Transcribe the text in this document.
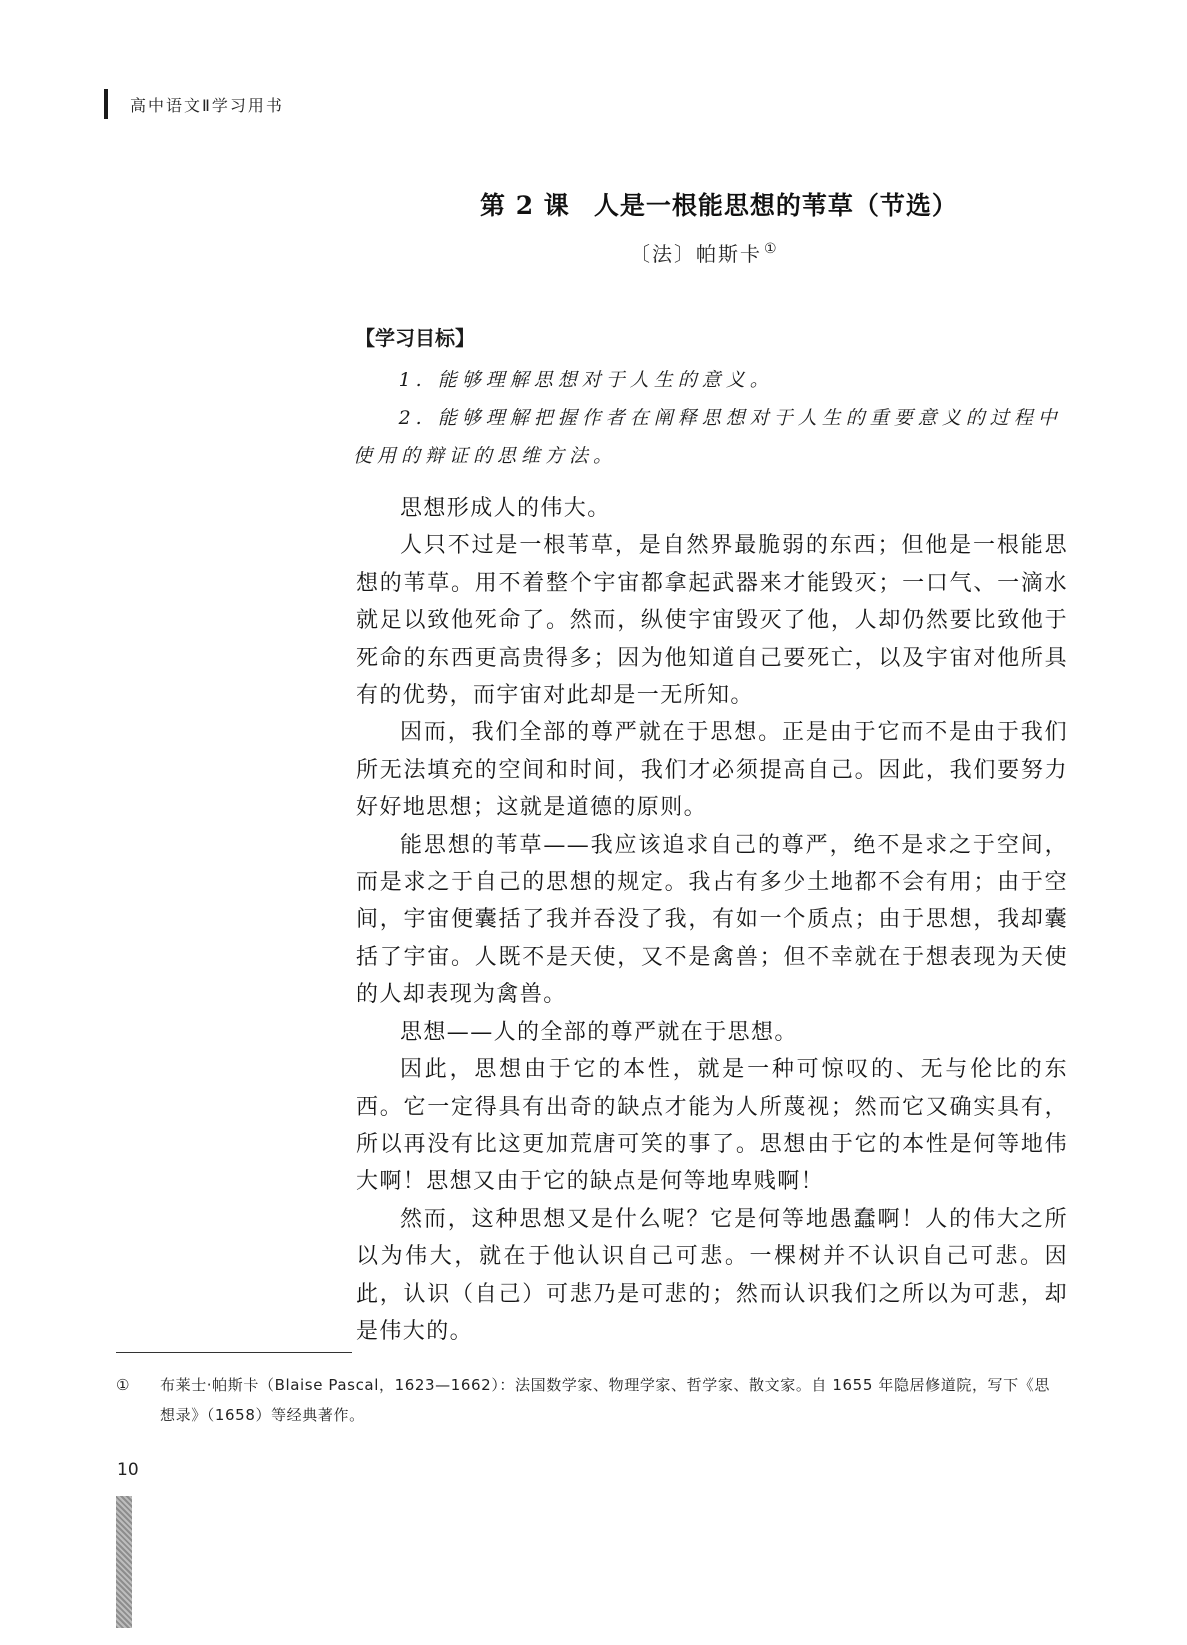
高中语文Ⅱ学习用书
第 2 课 人是一根能思想的苇草（节选）
〔法〕帕斯卡 ①
【学习目标】
1. 能够理解思想对于人生的意义。
2. 能够理解把握作者在阐释思想对于人生的重要意义的过程中使用的辩证的思维方法。

思想形成人的伟大。

人只不过是一根苇草，是自然界最脆弱的东西；但他是一根能思想的苇草。用不着整个宇宙都拿起武器来才能毁灭；一口气、一滴水就足以致他死命了。然而，纵使宇宙毁灭了他，人却仍然要比致他于死命的东西更高贵得多；因为他知道自己要死亡，以及宇宙对他所具有的优势，而宇宙对此却是一无所知。

因而，我们全部的尊严就在于思想。正是由于它而不是由于我们所无法填充的空间和时间，我们才必须提高自己。因此，我们要努力好好地思想；这就是道德的原则。

能思想的苇草——我应该追求自己的尊严，绝不是求之于空间，而是求之于自己的思想的规定。我占有多少土地都不会有用；由于空间，宇宙便囊括了我并吞没了我，有如一个质点；由于思想，我却囊括了宇宙。人既不是天使，又不是禽兽；但不幸就在于想表现为天使的人却表现为禽兽。

思想——人的全部的尊严就在于思想。

因此，思想由于它的本性，就是一种可惊叹的、无与伦比的东西。它一定得具有出奇的缺点才能为人所蔑视；然而它又确实具有，所以再没有比这更加荒唐可笑的事了。思想由于它的本性是何等地伟大啊！思想又由于它的缺点是何等地卑贱啊！

然而，这种思想又是什么呢？它是何等地愚蠢啊！人的伟大之所以为伟大，就在于他认识自己可悲。一棵树并不认识自己可悲。因此，认识（自己）可悲乃是可悲的；然而认识我们之所以为可悲，却是伟大的。

①	布莱士·帕斯卡（Blaise Pascal，1623—1662）：法国数学家、物理学家、哲学家、散文家。自 1655 年隐居修道院，写下《思想录》（1658）等经典著作。
10
